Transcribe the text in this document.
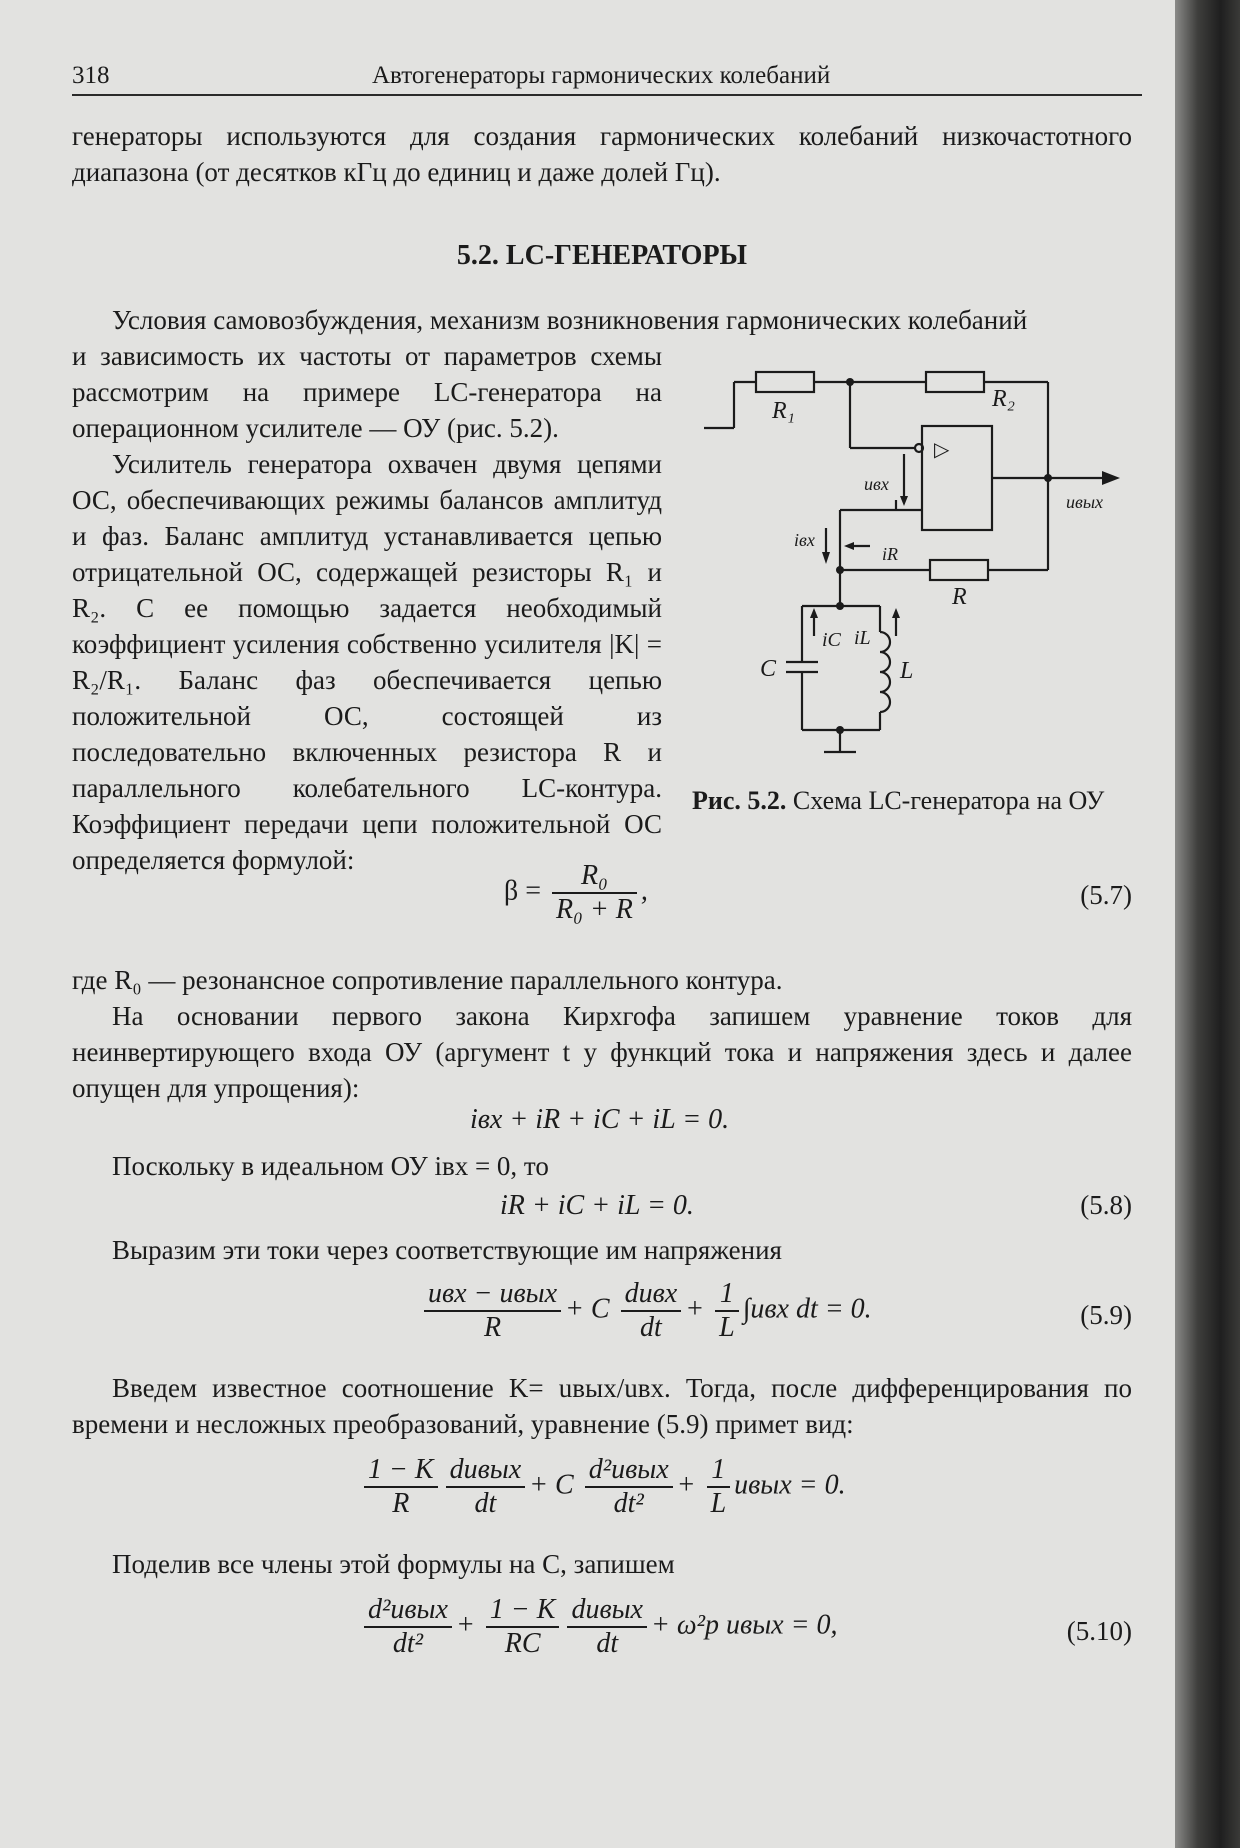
318	Автогенераторы гармонических колебаний
генераторы используются для создания гармонических колебаний низкочастотного диапазона (от десятков кГц до единиц и даже долей Гц).
5.2. LC-ГЕНЕРАТОРЫ
Условия самовозбуждения, механизм возникновения гармонических колебаний
и зависимость их частоты от параметров схемы рассмотрим на примере LC-генератора на операционном усилителе — ОУ (рис. 5.2).
Усилитель генератора охвачен двумя цепями ОС, обеспечивающих режимы балансов амплитуд и фаз. Баланс амплитуд устанавливается цепью отрицательной ОС, содержащей резисторы R₁ и R₂. С ее помощью задается необходимый коэффициент усиления собственно усилителя |K| = R₂/R₁. Баланс фаз обеспечивается цепью положительной ОС, состоящей из последовательно включенных резистора R и параллельного колебательного LC-контура. Коэффициент передачи цепи положительной ОС определяется формулой:
R₁	R₂
R
C	L
uвх
uвых
iвх
iR
iC iL
▷
Рис. 5.2. Схема LC-генератора на ОУ
$\beta = \frac{\text{R₀}}{\text{R₀ + R}}$ ,	(5.7)
где R₀ — резонансное сопротивление параллельного контура.
На основании первого закона Кирхгофа запишем уравнение токов для неинвертирующего входа ОУ (аргумент t у функций тока и напряжения здесь и далее опущен для упрощения):
iвх + iR + iC + iL = 0.
Поскольку в идеальном ОУ iвх = 0, то
iR + iC + iL = 0.	(5.8)
Выразим эти токи через соответствующие им напряжения
$\frac{\text{uвх − uвых}}{R} + C \frac{\text{duвх}}{dt} + \frac{1}{L} \int uвх$ dt = 0.	(5.9)
Введем известное соотношение K= uвых/uвх. Тогда, после дифференцирования по времени и несложных преобразований, уравнение (5.9) примет вид:
$\frac{1 - K}{R} \frac{\text{duвых}}{dt} + C \frac{\text{d²uвых}}{\text{dt²}} + \frac{1}{L}$ uвых = 0.
Поделив все члены этой формулы на C, запишем
$\frac{\text{d²uвых}}{\text{dt²}} + \frac{1 - K}{RC} \frac{\text{duвых}}{dt} + \omega^2р$ uвых = 0,	(5.10)
